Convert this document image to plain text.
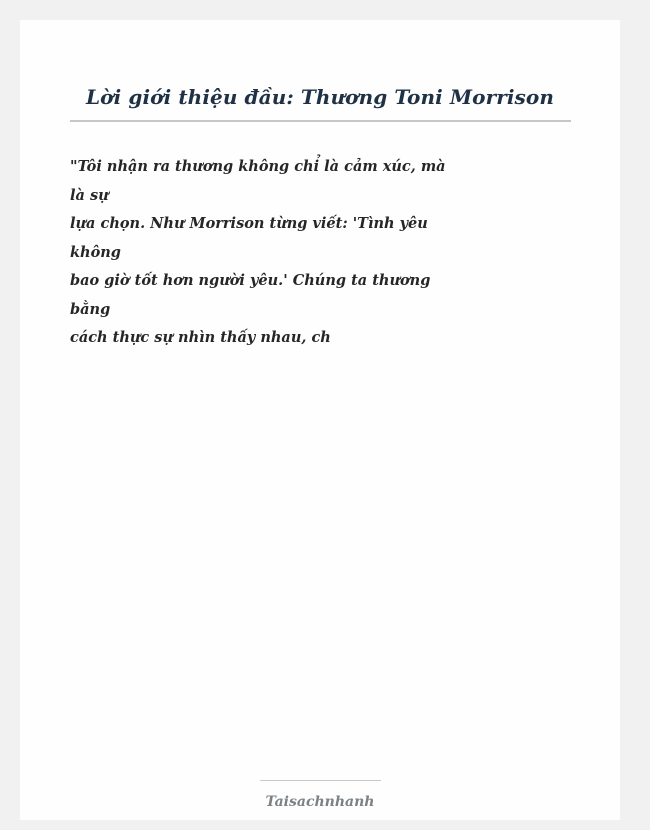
Lời giới thiệu đầu: Thương Toni Morrison
"Tôi nhận ra thương không chỉ là cảm xúc, mà
là sự
lựa chọn. Như Morrison từng viết: 'Tình yêu
không
bao giờ tốt hơn người yêu.' Chúng ta thương
bằng
cách thực sự nhìn thấy nhau, ch
Taisachnhanh
